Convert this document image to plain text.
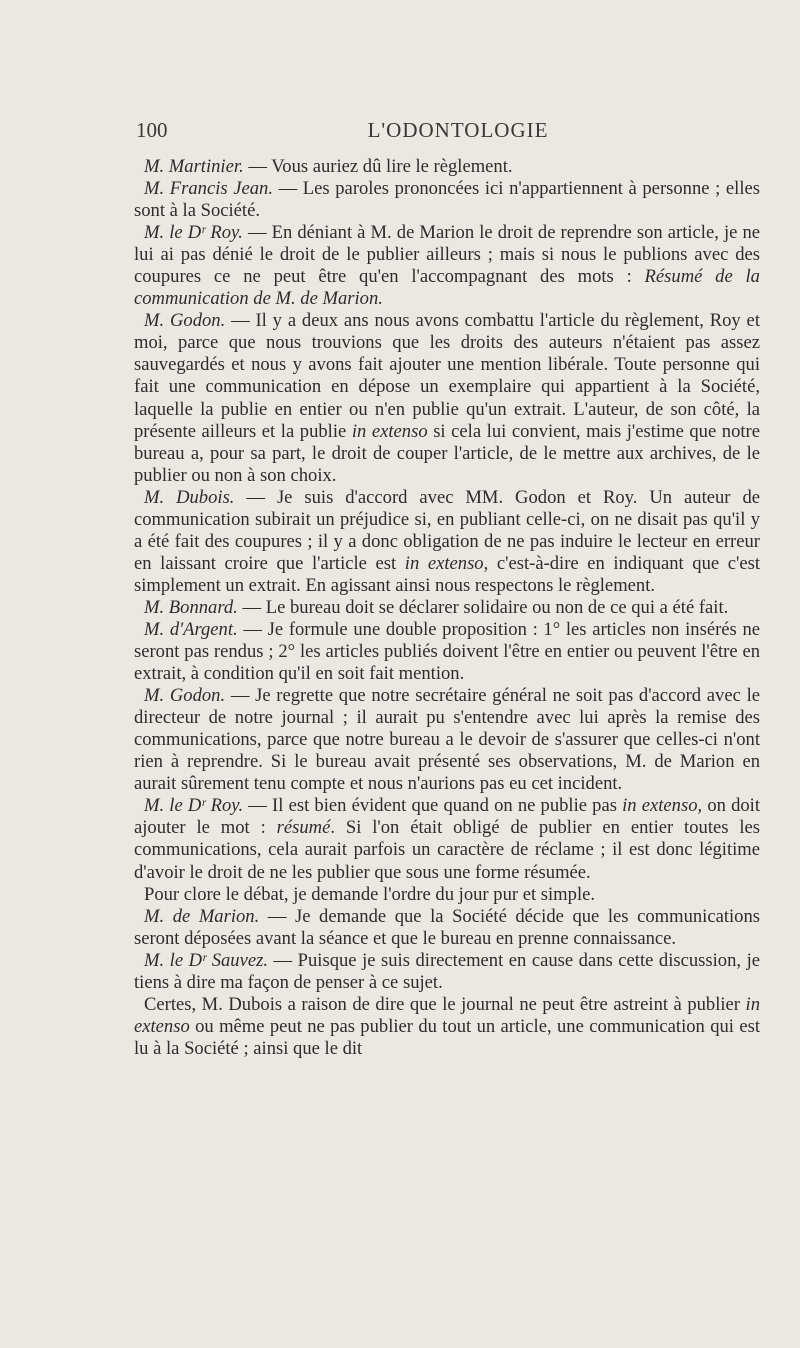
100	L'ODONTOLOGIE

M. Martinier. — Vous auriez dû lire le règlement.

M. Francis Jean. — Les paroles prononcées ici n'appartiennent à personne ; elles sont à la Société.

M. le Dʳ Roy. — En déniant à M. de Marion le droit de reprendre son article, je ne lui ai pas dénié le droit de le publier ailleurs ; mais si nous le publions avec des coupures ce ne peut être qu'en l'accompagnant des mots : Résumé de la communication de M. de Marion.

M. Godon. — Il y a deux ans nous avons combattu l'article du règlement, Roy et moi, parce que nous trouvions que les droits des auteurs n'étaient pas assez sauvegardés et nous y avons fait ajouter une mention libérale. Toute personne qui fait une communication en dépose un exemplaire qui appartient à la Société, laquelle la publie en entier ou n'en publie qu'un extrait. L'auteur, de son côté, la présente ailleurs et la publie in extenso si cela lui convient, mais j'estime que notre bureau a, pour sa part, le droit de couper l'article, de le mettre aux archives, de le publier ou non à son choix.

M. Dubois. — Je suis d'accord avec MM. Godon et Roy. Un auteur de communication subirait un préjudice si, en publiant celle-ci, on ne disait pas qu'il y a été fait des coupures ; il y a donc obligation de ne pas induire le lecteur en erreur en laissant croire que l'article est in extenso, c'est-à-dire en indiquant que c'est simplement un extrait. En agissant ainsi nous respectons le règlement.

M. Bonnard. — Le bureau doit se déclarer solidaire ou non de ce qui a été fait.

M. d'Argent. — Je formule une double proposition : 1° les articles non insérés ne seront pas rendus ; 2° les articles publiés doivent l'être en entier ou peuvent l'être en extrait, à condition qu'il en soit fait mention.

M. Godon. — Je regrette que notre secrétaire général ne soit pas d'accord avec le directeur de notre journal ; il aurait pu s'entendre avec lui après la remise des communications, parce que notre bureau a le devoir de s'assurer que celles-ci n'ont rien à reprendre. Si le bureau avait présenté ses observations, M. de Marion en aurait sûrement tenu compte et nous n'aurions pas eu cet incident.

M. le Dʳ Roy. — Il est bien évident que quand on ne publie pas in extenso, on doit ajouter le mot : résumé. Si l'on était obligé de publier en entier toutes les communications, cela aurait parfois un caractère de réclame ; il est donc légitime d'avoir le droit de ne les publier que sous une forme résumée.

Pour clore le débat, je demande l'ordre du jour pur et simple.

M. de Marion. — Je demande que la Société décide que les communications seront déposées avant la séance et que le bureau en prenne connaissance.

M. le Dʳ Sauvez. — Puisque je suis directement en cause dans cette discussion, je tiens à dire ma façon de penser à ce sujet.

Certes, M. Dubois a raison de dire que le journal ne peut être astreint à publier in extenso ou même peut ne pas publier du tout un article, une communication qui est lu à la Société ; ainsi que le dit
